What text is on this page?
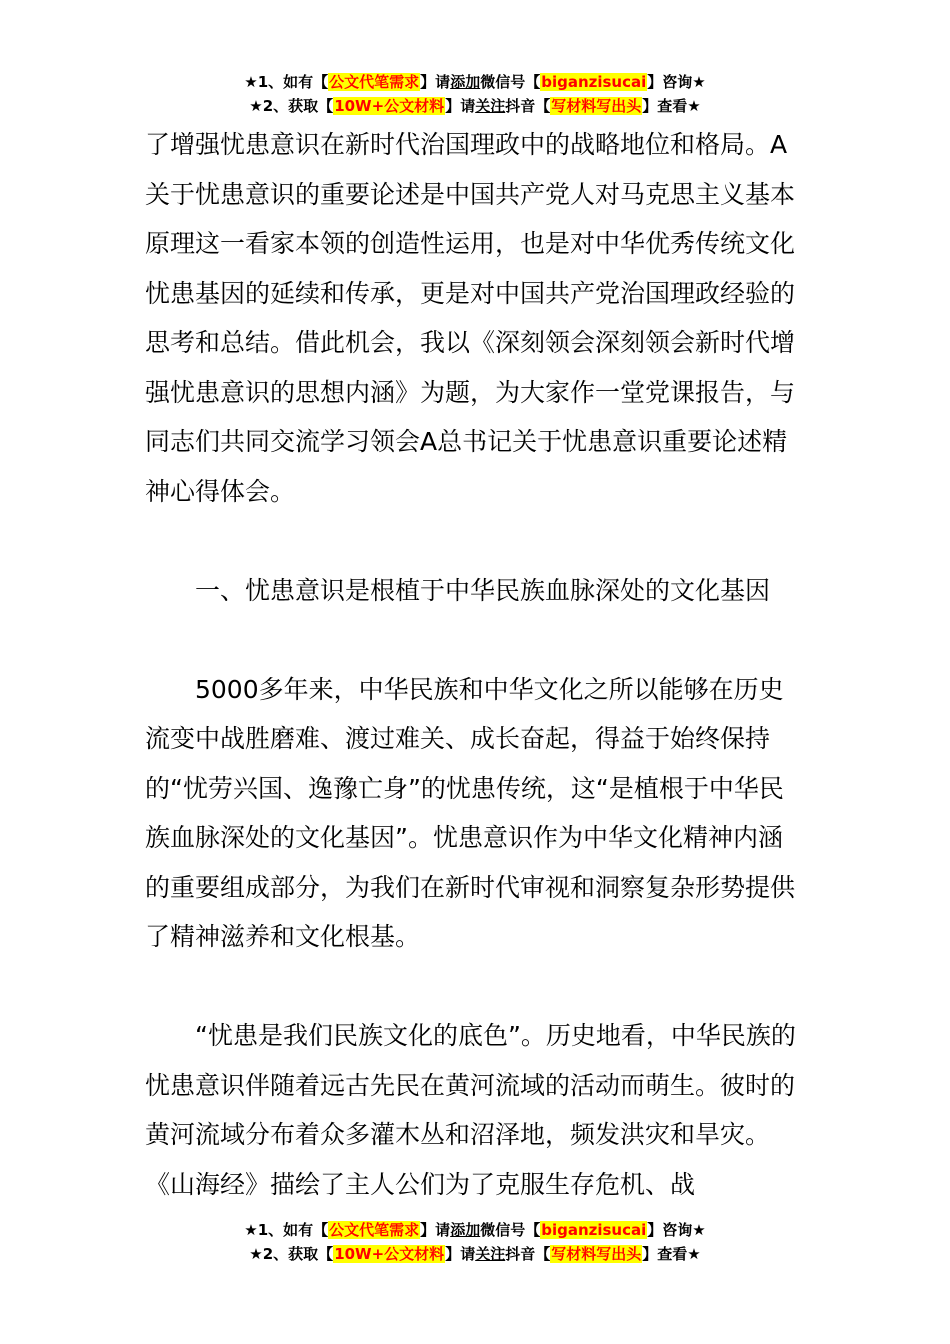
★1、如有【公文代笔需求】请添加微信号【biganzisucai】咨询★
★2、获取【10W+公文材料】请关注抖音【写材料写出头】查看★

了增强忧患意识在新时代治国理政中的战略地位和格局。A关于忧患意识的重要论述是中国共产党人对马克思主义基本原理这一看家本领的创造性运用，也是对中华优秀传统文化忧患基因的延续和传承，更是对中国共产党治国理政经验的思考和总结。借此机会，我以《深刻领会深刻领会新时代增强忧患意识的思想内涵》为题，为大家作一堂党课报告，与同志们共同交流学习领会A总书记关于忧患意识重要论述精神心得体会。

一、忧患意识是根植于中华民族血脉深处的文化基因

5000多年来，中华民族和中华文化之所以能够在历史流变中战胜磨难、渡过难关、成长奋起，得益于始终保持的“忧劳兴国、逸豫亡身”的忧患传统，这“是植根于中华民族血脉深处的文化基因”。忧患意识作为中华文化精神内涵的重要组成部分，为我们在新时代审视和洞察复杂形势提供了精神滋养和文化根基。

“忧患是我们民族文化的底色”。历史地看，中华民族的忧患意识伴随着远古先民在黄河流域的活动而萌生。彼时的黄河流域分布着众多灌木丛和沼泽地，频发洪灾和旱灾。《山海经》描绘了主人公们为了克服生存危机、战

★1、如有【公文代笔需求】请添加微信号【biganzisucai】咨询★
★2、获取【10W+公文材料】请关注抖音【写材料写出头】查看★
